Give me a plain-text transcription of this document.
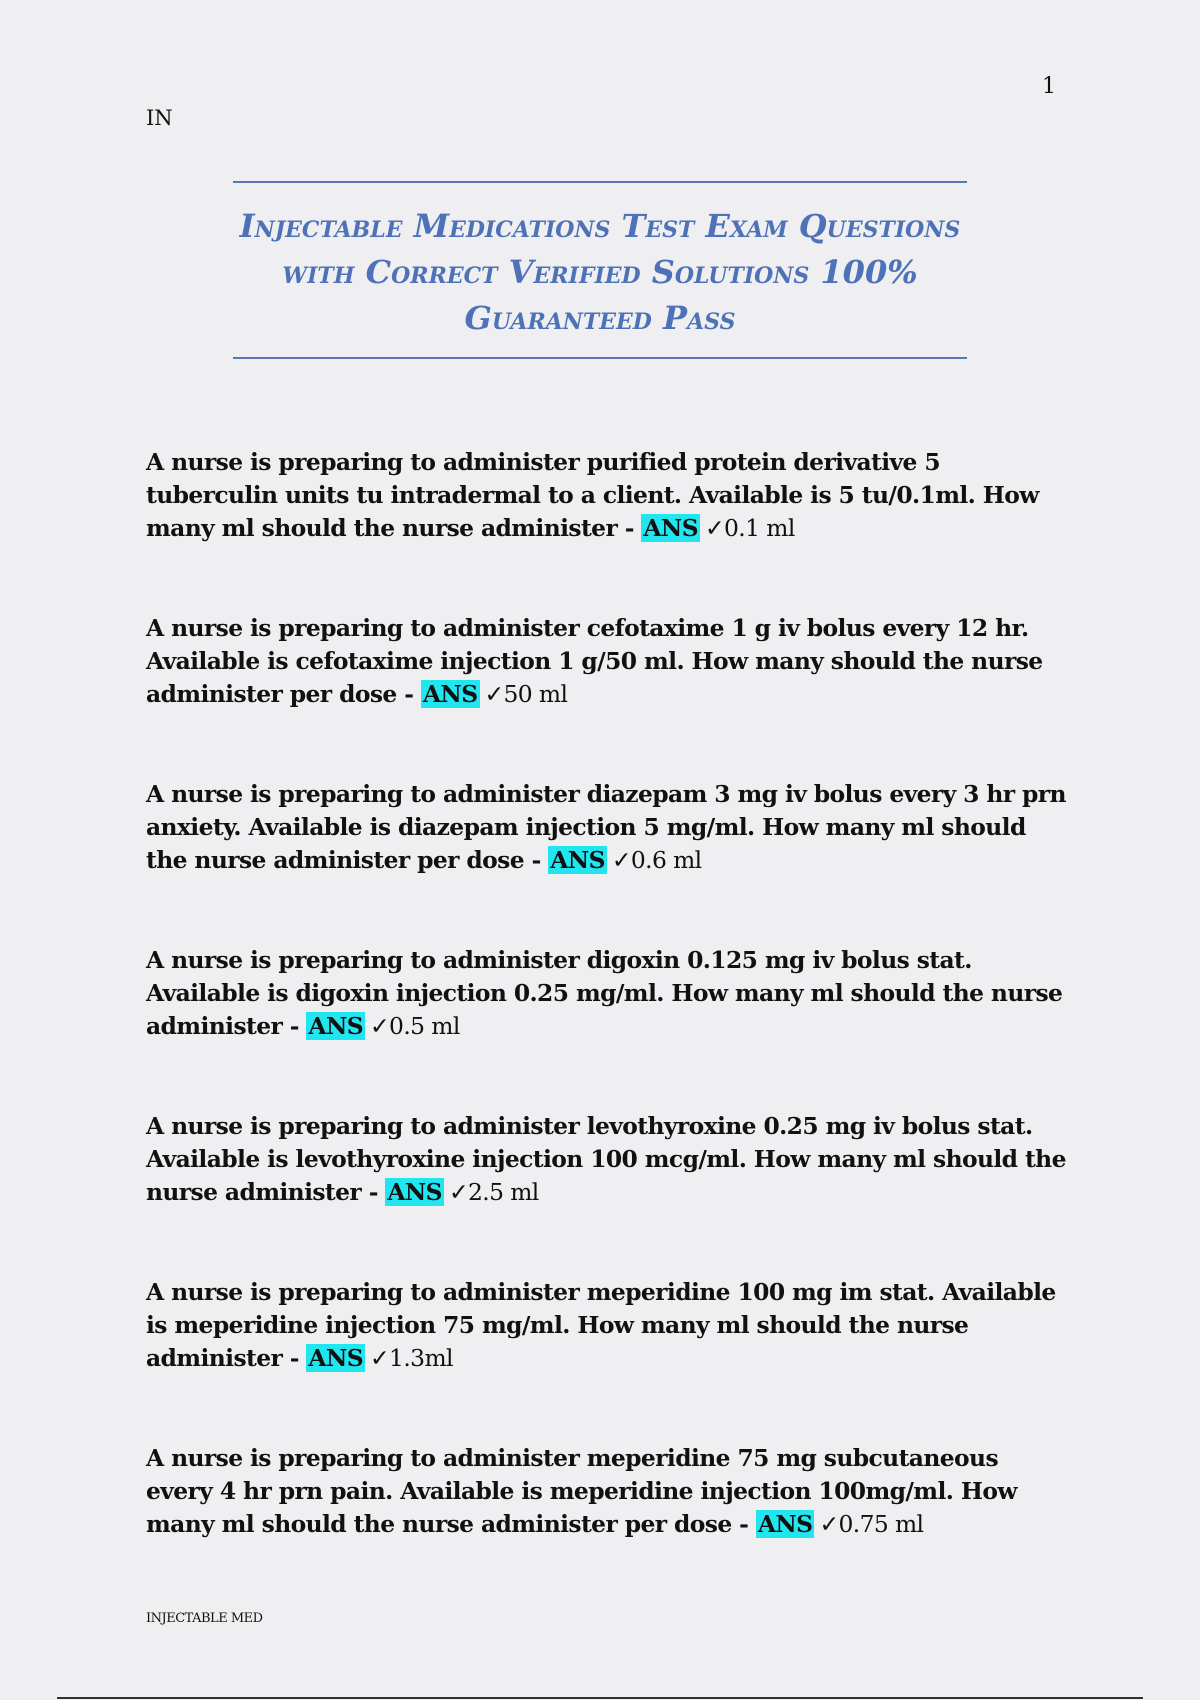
1
IN
Injectable Medications Test Exam Questions
with Correct Verified Solutions 100%
Guaranteed Pass

A nurse is preparing to administer purified protein derivative 5 tuberculin units tu intradermal to a client. Available is 5 tu/0.1ml. How many ml should the nurse administer - ANS ✓0.1 ml

A nurse is preparing to administer cefotaxime 1 g iv bolus every 12 hr. Available is cefotaxime injection 1 g/50 ml. How many should the nurse administer per dose - ANS ✓50 ml

A nurse is preparing to administer diazepam 3 mg iv bolus every 3 hr prn anxiety. Available is diazepam injection 5 mg/ml. How many ml should the nurse administer per dose - ANS ✓0.6 ml

A nurse is preparing to administer digoxin 0.125 mg iv bolus stat. Available is digoxin injection 0.25 mg/ml. How many ml should the nurse administer - ANS ✓0.5 ml

A nurse is preparing to administer levothyroxine 0.25 mg iv bolus stat. Available is levothyroxine injection 100 mcg/ml. How many ml should the nurse administer - ANS ✓2.5 ml

A nurse is preparing to administer meperidine 100 mg im stat. Available is meperidine injection 75 mg/ml. How many ml should the nurse administer - ANS ✓1.3ml

A nurse is preparing to administer meperidine 75 mg subcutaneous every 4 hr prn pain. Available is meperidine injection 100mg/ml. How many ml should the nurse administer per dose - ANS ✓0.75 ml

INJECTABLE MED
